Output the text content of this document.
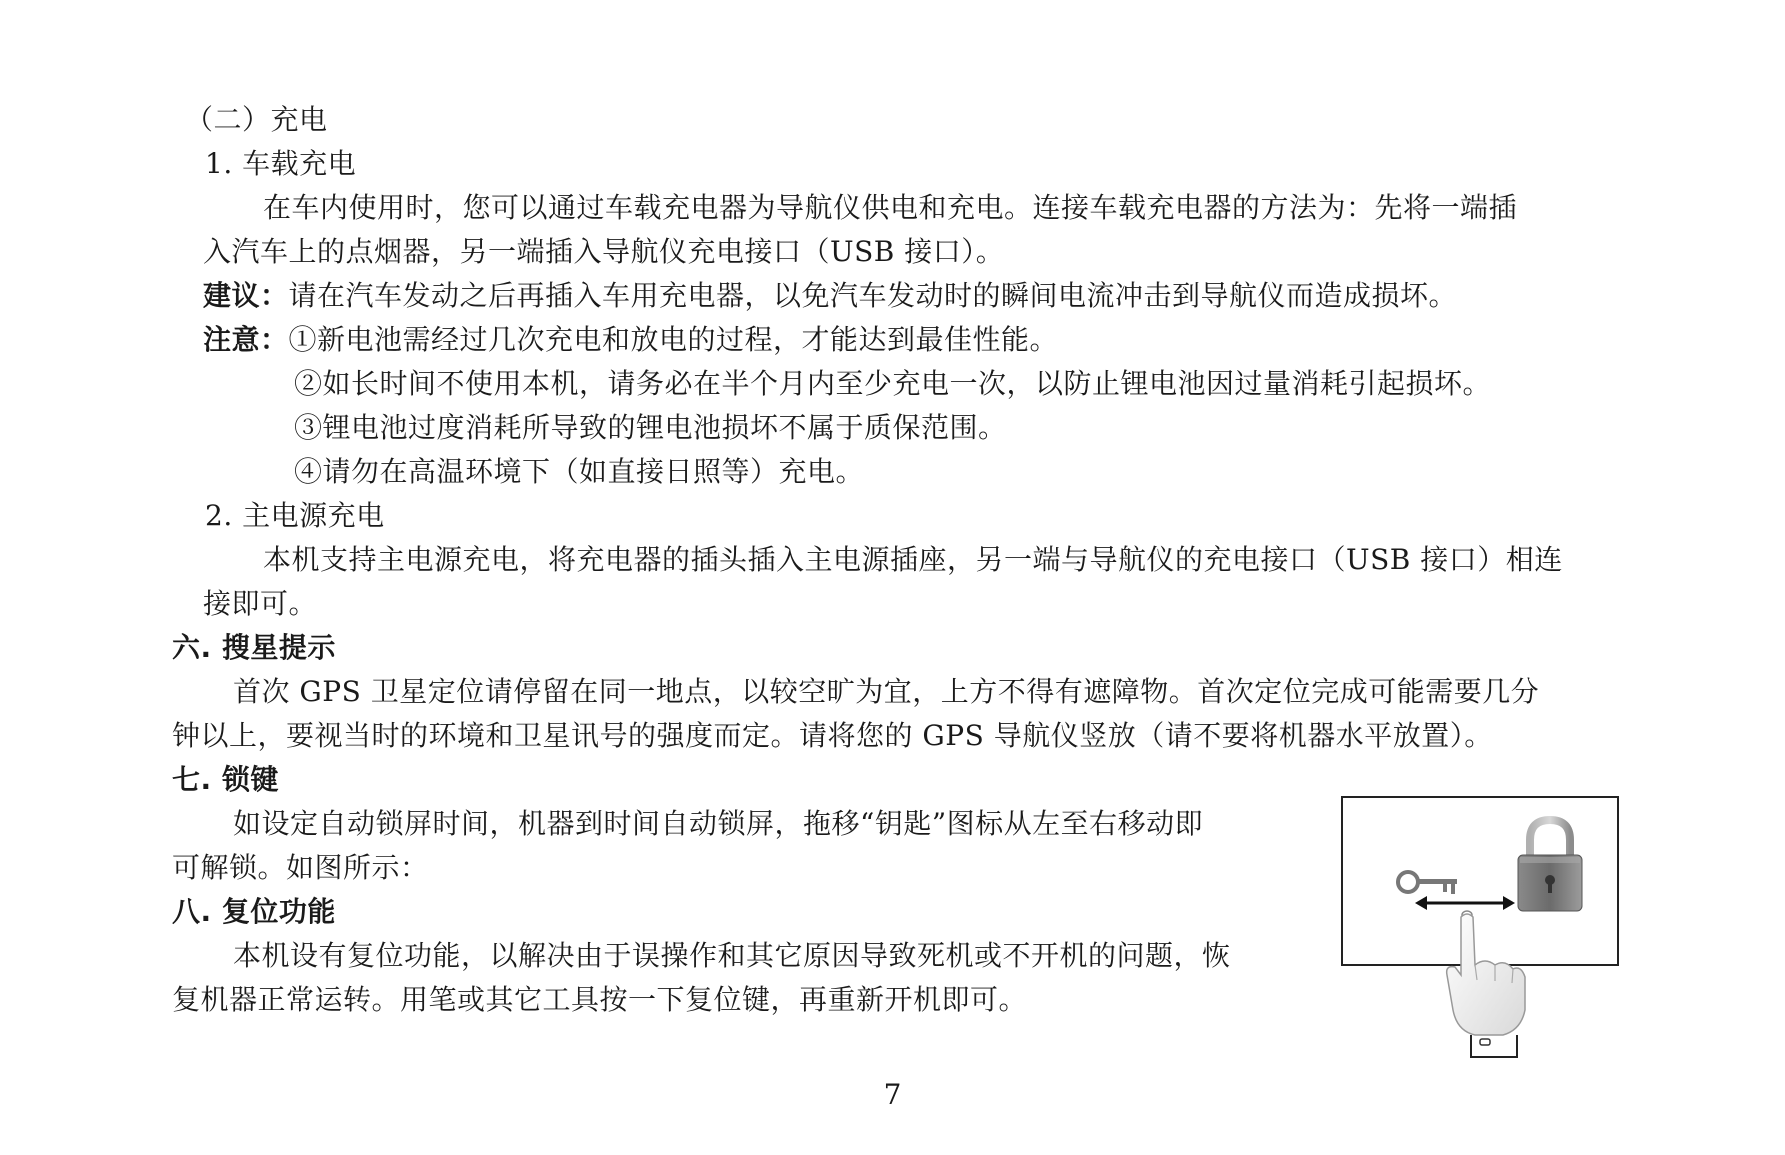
（二）充电
1. 车载充电
在车内使用时，您可以通过车载充电器为导航仪供电和充电。连接车载充电器的方法为：先将一端插
入汽车上的点烟器，另一端插入导航仪充电接口（USB 接口）。
建议：请在汽车发动之后再插入车用充电器，以免汽车发动时的瞬间电流冲击到导航仪而造成损坏。
注意：①新电池需经过几次充电和放电的过程，才能达到最佳性能。
②如长时间不使用本机，请务必在半个月内至少充电一次，以防止锂电池因过量消耗引起损坏。
③锂电池过度消耗所导致的锂电池损坏不属于质保范围。
④请勿在高温环境下（如直接日照等）充电。
2. 主电源充电
本机支持主电源充电，将充电器的插头插入主电源插座，另一端与导航仪的充电接口（USB 接口）相连
接即可。
六. 搜星提示
首次 GPS 卫星定位请停留在同一地点，以较空旷为宜，上方不得有遮障物。首次定位完成可能需要几分
钟以上，要视当时的环境和卫星讯号的强度而定。请将您的 GPS 导航仪竖放（请不要将机器水平放置）。
七. 锁键
如设定自动锁屏时间，机器到时间自动锁屏，拖移“钥匙”图标从左至右移动即
可解锁。如图所示：
八. 复位功能
本机设有复位功能，以解决由于误操作和其它原因导致死机或不开机的问题，恢
复机器正常运转。用笔或其它工具按一下复位键，再重新开机即可。
7
